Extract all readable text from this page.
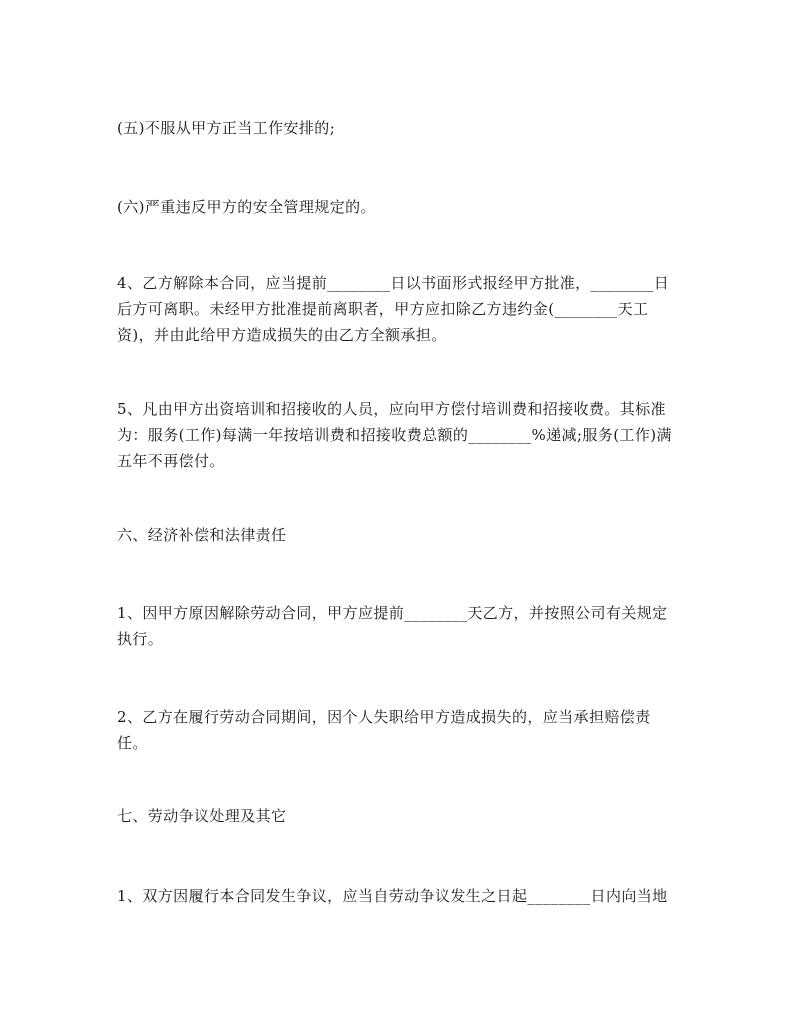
(五)不服从甲方正当工作安排的;
(六)严重违反甲方的安全管理规定的。
4、乙方解除本合同，应当提前________日以书面形式报经甲方批准，________日
后方可离职。未经甲方批准提前离职者，甲方应扣除乙方违约金(________天工
资)，并由此给甲方造成损失的由乙方全额承担。
5、凡由甲方出资培训和招接收的人员，应向甲方偿付培训费和招接收费。其标准
为：服务(工作)每满一年按培训费和招接收费总额的________%递减;服务(工作)满
五年不再偿付。
六、经济补偿和法律责任
1、因甲方原因解除劳动合同，甲方应提前________天乙方，并按照公司有关规定
执行。
2、乙方在履行劳动合同期间，因个人失职给甲方造成损失的，应当承担赔偿责
任。
七、劳动争议处理及其它
1、双方因履行本合同发生争议，应当自劳动争议发生之日起________日内向当地
